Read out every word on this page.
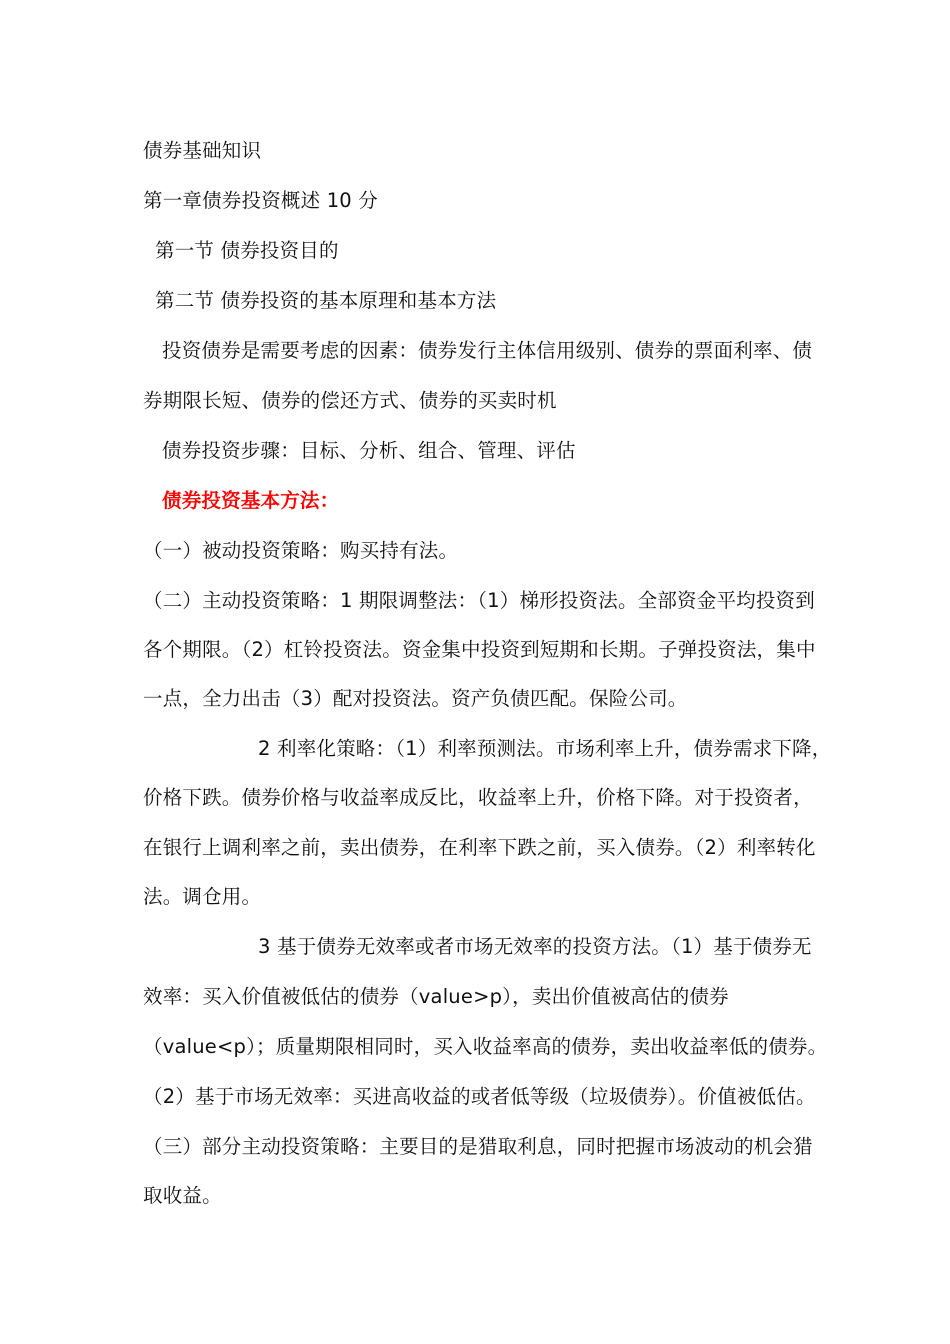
债券基础知识
第一章债券投资概述 10 分
第一节 债券投资目的
第二节 债券投资的基本原理和基本方法
投资债券是需要考虑的因素：债券发行主体信用级别、债券的票面利率、债
券期限长短、债券的偿还方式、债券的买卖时机
债券投资步骤：目标、分析、组合、管理、评估
债券投资基本方法：
（一）被动投资策略：购买持有法。
（二）主动投资策略：1 期限调整法：（1）梯形投资法。全部资金平均投资到
各个期限。（2）杠铃投资法。资金集中投资到短期和长期。子弹投资法，集中
一点，全力出击（3）配对投资法。资产负债匹配。保险公司。
2 利率化策略：（1）利率预测法。市场利率上升，债券需求下降，
价格下跌。债券价格与收益率成反比，收益率上升，价格下降。对于投资者，
在银行上调利率之前，卖出债券，在利率下跌之前，买入债券。（2）利率转化
法。调仓用。
3 基于债券无效率或者市场无效率的投资方法。（1）基于债券无
效率：买入价值被低估的债券（value>p），卖出价值被高估的债券
（value<p）；质量期限相同时，买入收益率高的债券，卖出收益率低的债券。
（2）基于市场无效率：买进高收益的或者低等级（垃圾债券）。价值被低估。
（三）部分主动投资策略：主要目的是猎取利息，同时把握市场波动的机会猎
取收益。
